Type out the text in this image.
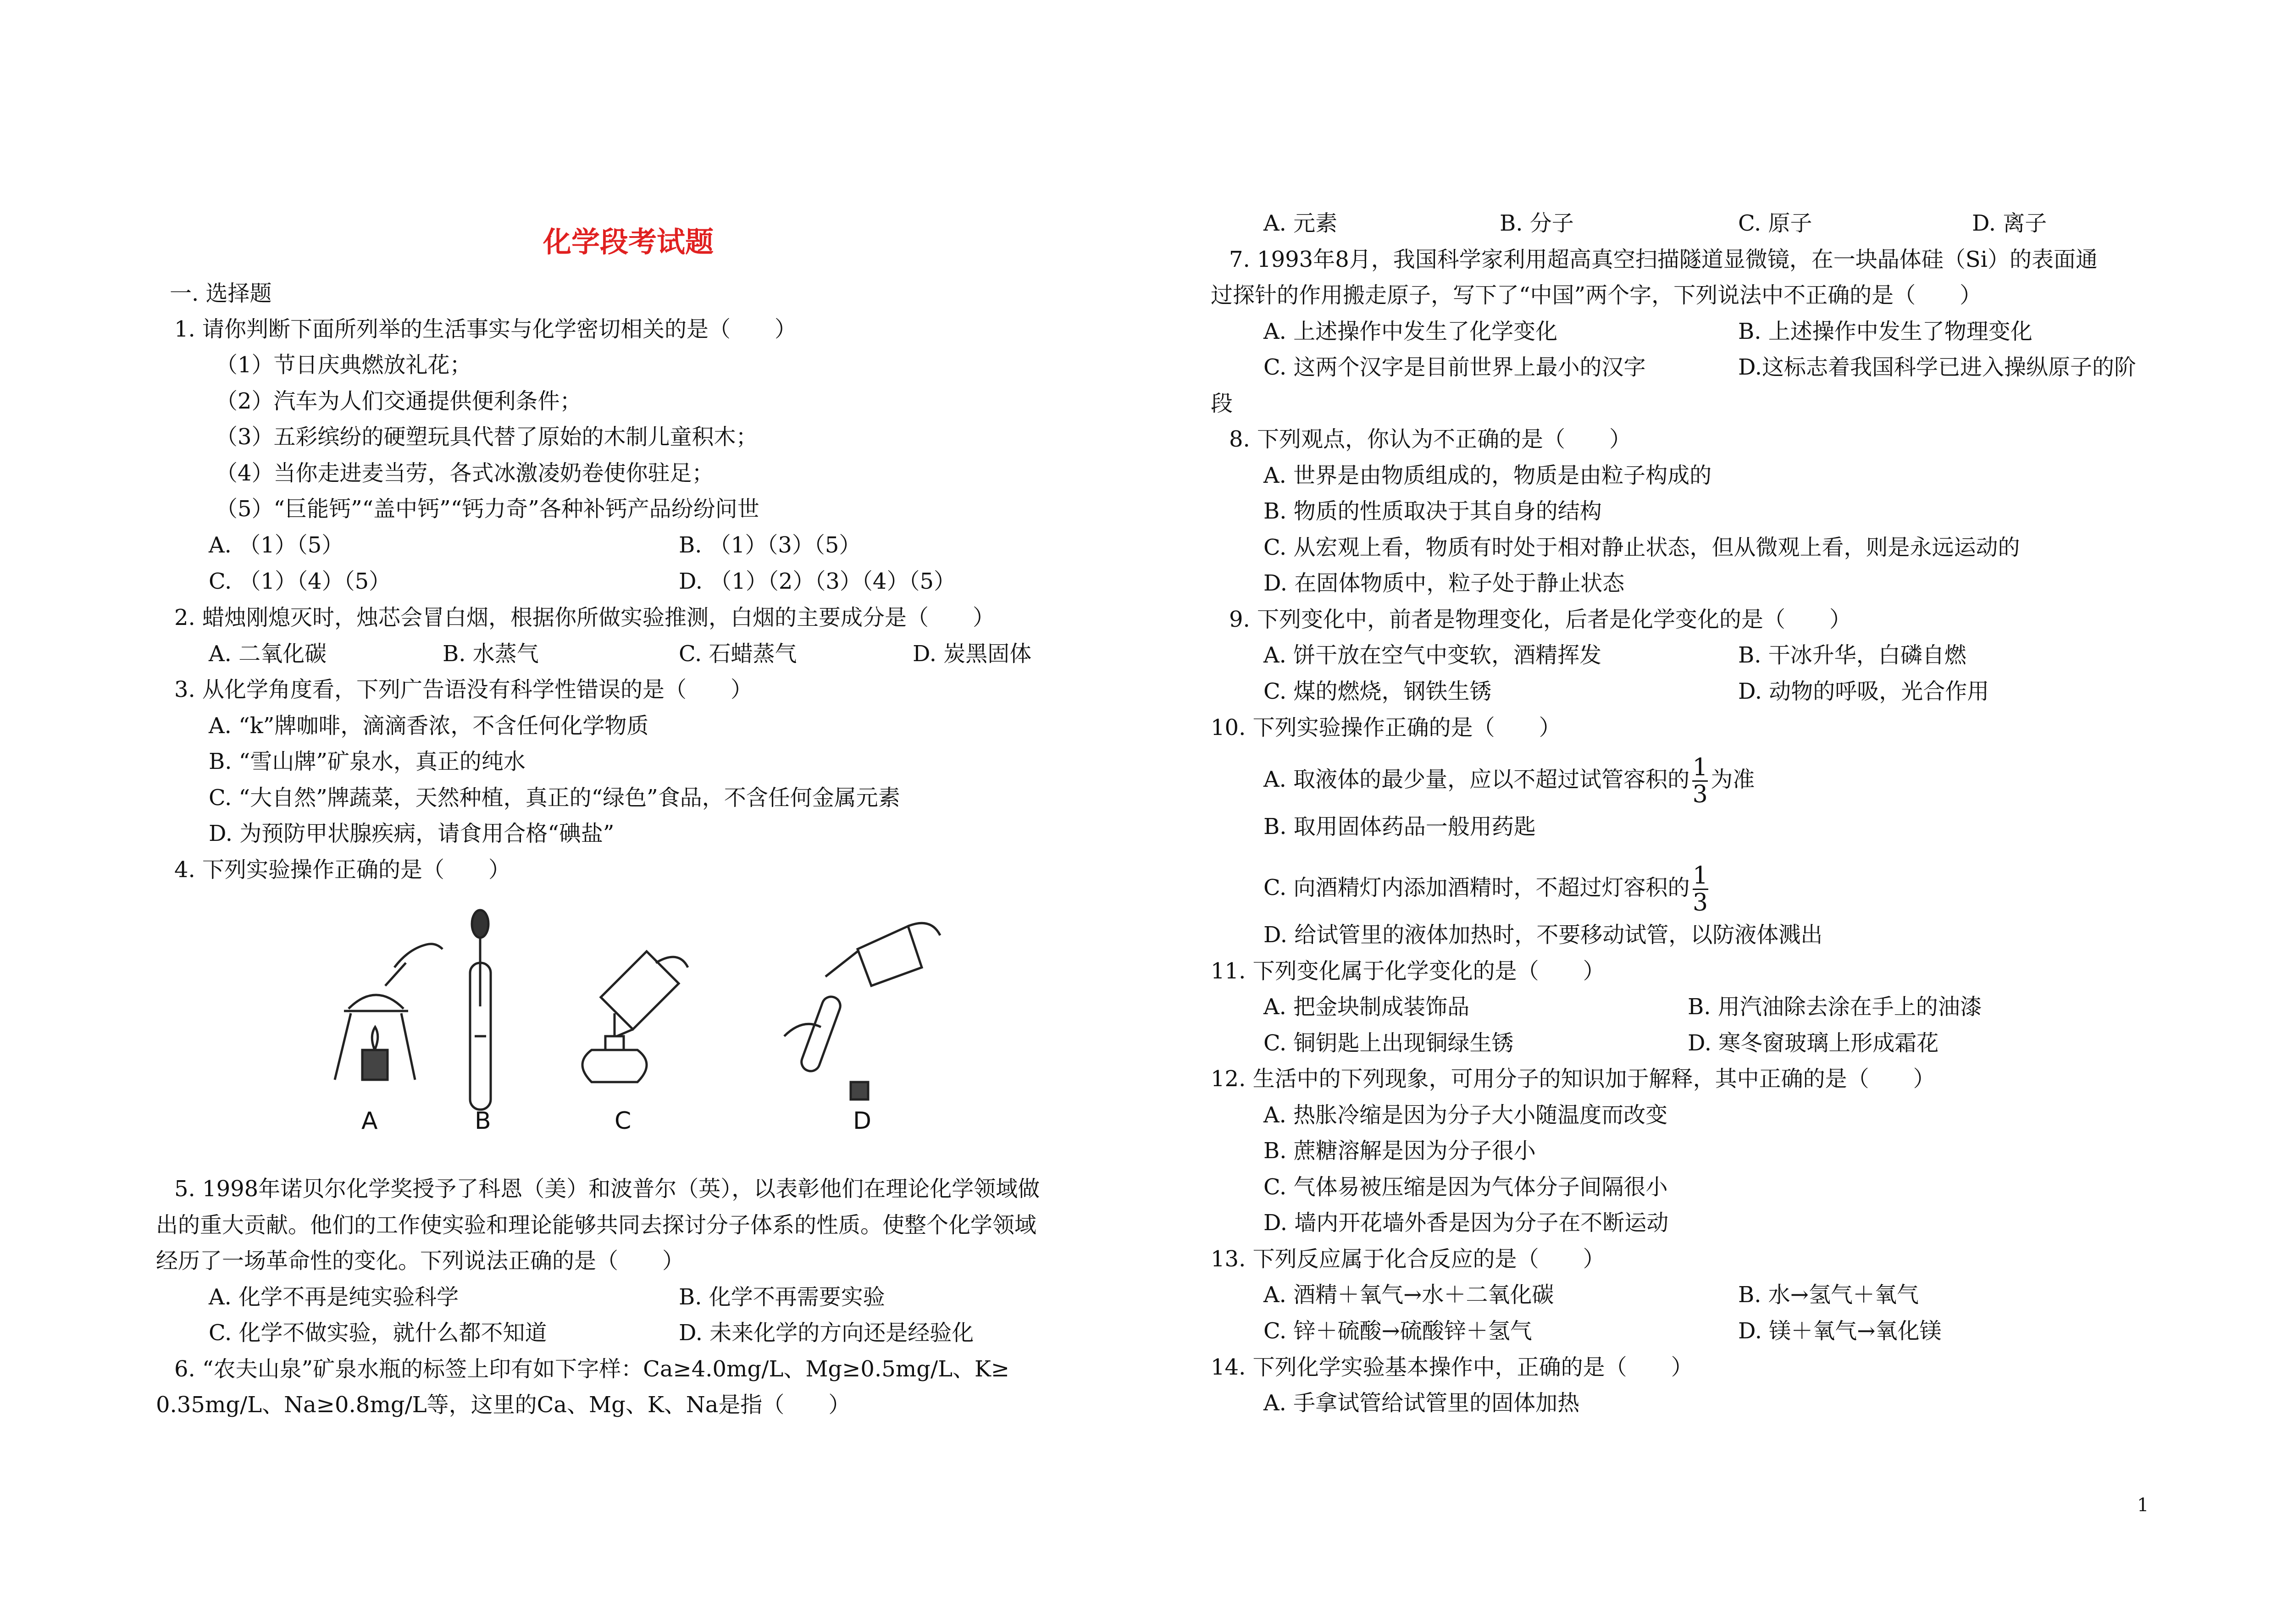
化学段考试题
一. 选择题
1. 请你判断下面所列举的生活事实与化学密切相关的是（　　）
（1）节日庆典燃放礼花；
（2）汽车为人们交通提供便利条件；
（3）五彩缤纷的硬塑玩具代替了原始的木制儿童积木；
（4）当你走进麦当劳，各式冰激凌奶卷使你驻足；
（5）“巨能钙”“盖中钙”“钙力奇”各种补钙产品纷纷问世
2. 蜡烛刚熄灭时，烛芯会冒白烟，根据你所做实验推测，白烟的主要成分是（　　）
3. 从化学角度看，下列广告语没有科学性错误的是（　　）
A. “k”牌咖啡，滴滴香浓，不含任何化学物质
B. “雪山牌”矿泉水，真正的纯水
C. “大自然”牌蔬菜，天然种植，真正的“绿色”食品，不含任何金属元素
D. 为预防甲状腺疾病，请食用合格“碘盐”
4. 下列实验操作正确的是（　　）
5. 1998年诺贝尔化学奖授予了科恩（美）和波普尔（英），以表彰他们在理论化学领域做
出的重大贡献。他们的工作使实验和理论能够共同去探讨分子体系的性质。使整个化学领域
经历了一场革命性的变化。下列说法正确的是（　　）
6. “农夫山泉”矿泉水瓶的标签上印有如下字样：Ca≥4.0mg/L、Mg≥0.5mg/L、K≥
0.35mg/L、Na≥0.8mg/L等，这里的Ca、Mg、K、Na是指（　　）
A. （1）（5）	B. （1）（3）（5）
C. （1）（4）（5）	D. （1）（2）（3）（4）（5）
A. 二氧化碳	B. 水蒸气	C. 石蜡蒸气	D. 炭黑固体
A. 化学不再是纯实验科学	B. 化学不再需要实验
C. 化学不做实验，就什么都不知道	D. 未来化学的方向还是经验化
A	B	C	D
7. 1993年8月，我国科学家利用超高真空扫描隧道显微镜，在一块晶体硅（Si）的表面通
过探针的作用搬走原子，写下了“中国”两个字，下列说法中不正确的是（　　）
段
8. 下列观点，你认为不正确的是（　　）
A. 世界是由物质组成的，物质是由粒子构成的
B. 物质的性质取决于其自身的结构
C. 从宏观上看，物质有时处于相对静止状态，但从微观上看，则是永远运动的
D. 在固体物质中，粒子处于静止状态
9. 下列变化中，前者是物理变化，后者是化学变化的是（　　）
10. 下列实验操作正确的是（　　）
B. 取用固体药品一般用药匙
D. 给试管里的液体加热时，不要移动试管，以防液体溅出
11. 下列变化属于化学变化的是（　　）
12. 生活中的下列现象，可用分子的知识加于解释，其中正确的是（　　）
A. 热胀冷缩是因为分子大小随温度而改变
B. 蔗糖溶解是因为分子很小
C. 气体易被压缩是因为气体分子间隔很小
D. 墙内开花墙外香是因为分子在不断运动
13. 下列反应属于化合反应的是（　　）
14. 下列化学实验基本操作中，正确的是（　　）
A. 手拿试管给试管里的固体加热
A. 元素	B. 分子	C. 原子	D. 离子
A. 上述操作中发生了化学变化	B. 上述操作中发生了物理变化
C. 这两个汉字是目前世界上最小的汉字	D.这标志着我国科学已进入操纵原子的阶
A. 饼干放在空气中变软，酒精挥发	B. 干冰升华，白磷自燃
C. 煤的燃烧，钢铁生锈	D. 动物的呼吸，光合作用
A. 把金块制成装饰品	B. 用汽油除去涂在手上的油漆
C. 铜钥匙上出现铜绿生锈	D. 寒冬窗玻璃上形成霜花
A. 酒精＋氧气→水＋二氧化碳	B. 水→氢气＋氧气
C. 锌＋硫酸→硫酸锌＋氢气	D. 镁＋氧气→氧化镁
A. 取液体的最少量，应以不超过试管容积的 $\frac{1}{3}$ 为准
C. 向酒精灯内添加酒精时，不超过灯容积的 $\frac{1}{3}$
1
